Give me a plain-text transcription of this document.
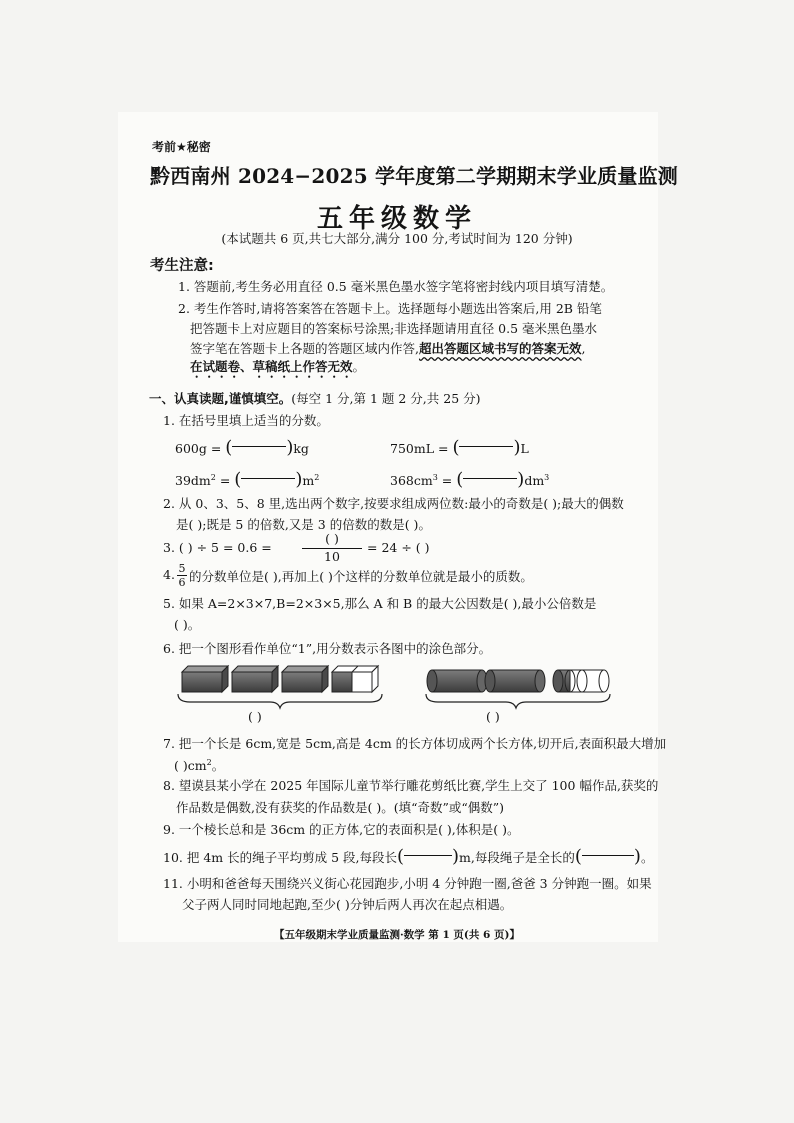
考前★秘密
黔西南州 2024−2025 学年度第二学期期末学业质量监测
五年级数学
(本试题共 6 页,共七大部分,满分 100 分,考试时间为 120 分钟)
考生注意:
1. 答题前,考生务必用直径 0.5 毫米黑色墨水签字笔将密封线内项目填写清楚。
2. 考生作答时,请将答案答在答题卡上。选择题每小题选出答案后,用 2B 铅笔
把答题卡上对应题目的答案标号涂黑;非选择题请用直径 0.5 毫米黑色墨水
签字笔在答题卡上各题的答题区域内作答,超出答题区域书写的答案无效,
在试题卷、草稿纸上作答无效。
一、认真读题,谨慎填空。(每空 1 分,第 1 题 2 分,共 25 分)
1. 在括号里填上适当的分数。
600g = (	)kg	750mL = (	)L
$39dm^2$ = (	)$m^2$	$368cm^3$ = (	)$dm^3$
2. 从 0、3、5、8 里,选出两个数字,按要求组成两位数:最小的奇数是( );最大的偶数
是( );既是 5 的倍数,又是 3 的倍数的数是( )。
3. ( ) ÷ 5 = 0.6 =
( )
10
= 24 ÷ ( )
4. 5
6 的分数单位是( ),再加上( )个这样的分数单位就是最小的质数。
5. 如果 A=2×3×7,B=2×3×5,那么 A 和 B 的最大公因数是( ),最小公倍数是
( )。
6. 把一个图形看作单位“1”,用分数表示各图中的涂色部分。
( )	( )
7. 把一个长是 6cm,宽是 5cm,高是 4cm 的长方体切成两个长方体,切开后,表面积最大增加
( )$cm^2$。
8. 望谟县某小学在 2025 年国际儿童节举行雕花剪纸比赛,学生上交了 100 幅作品,获奖的
作品数是偶数,没有获奖的作品数是( )。(填“奇数”或“偶数”)
9. 一个棱长总和是 36cm 的正方体,它的表面积是( ),体积是( )。
10. 把 4m 长的绳子平均剪成 5 段,每段长(	)m,每段绳子是全长的(	)。
11. 小明和爸爸每天围绕兴义街心花园跑步,小明 4 分钟跑一圈,爸爸 3 分钟跑一圈。如果
父子两人同时同地起跑,至少( )分钟后两人再次在起点相遇。
【五年级期末学业质量监测·数学 第 1 页(共 6 页)】
